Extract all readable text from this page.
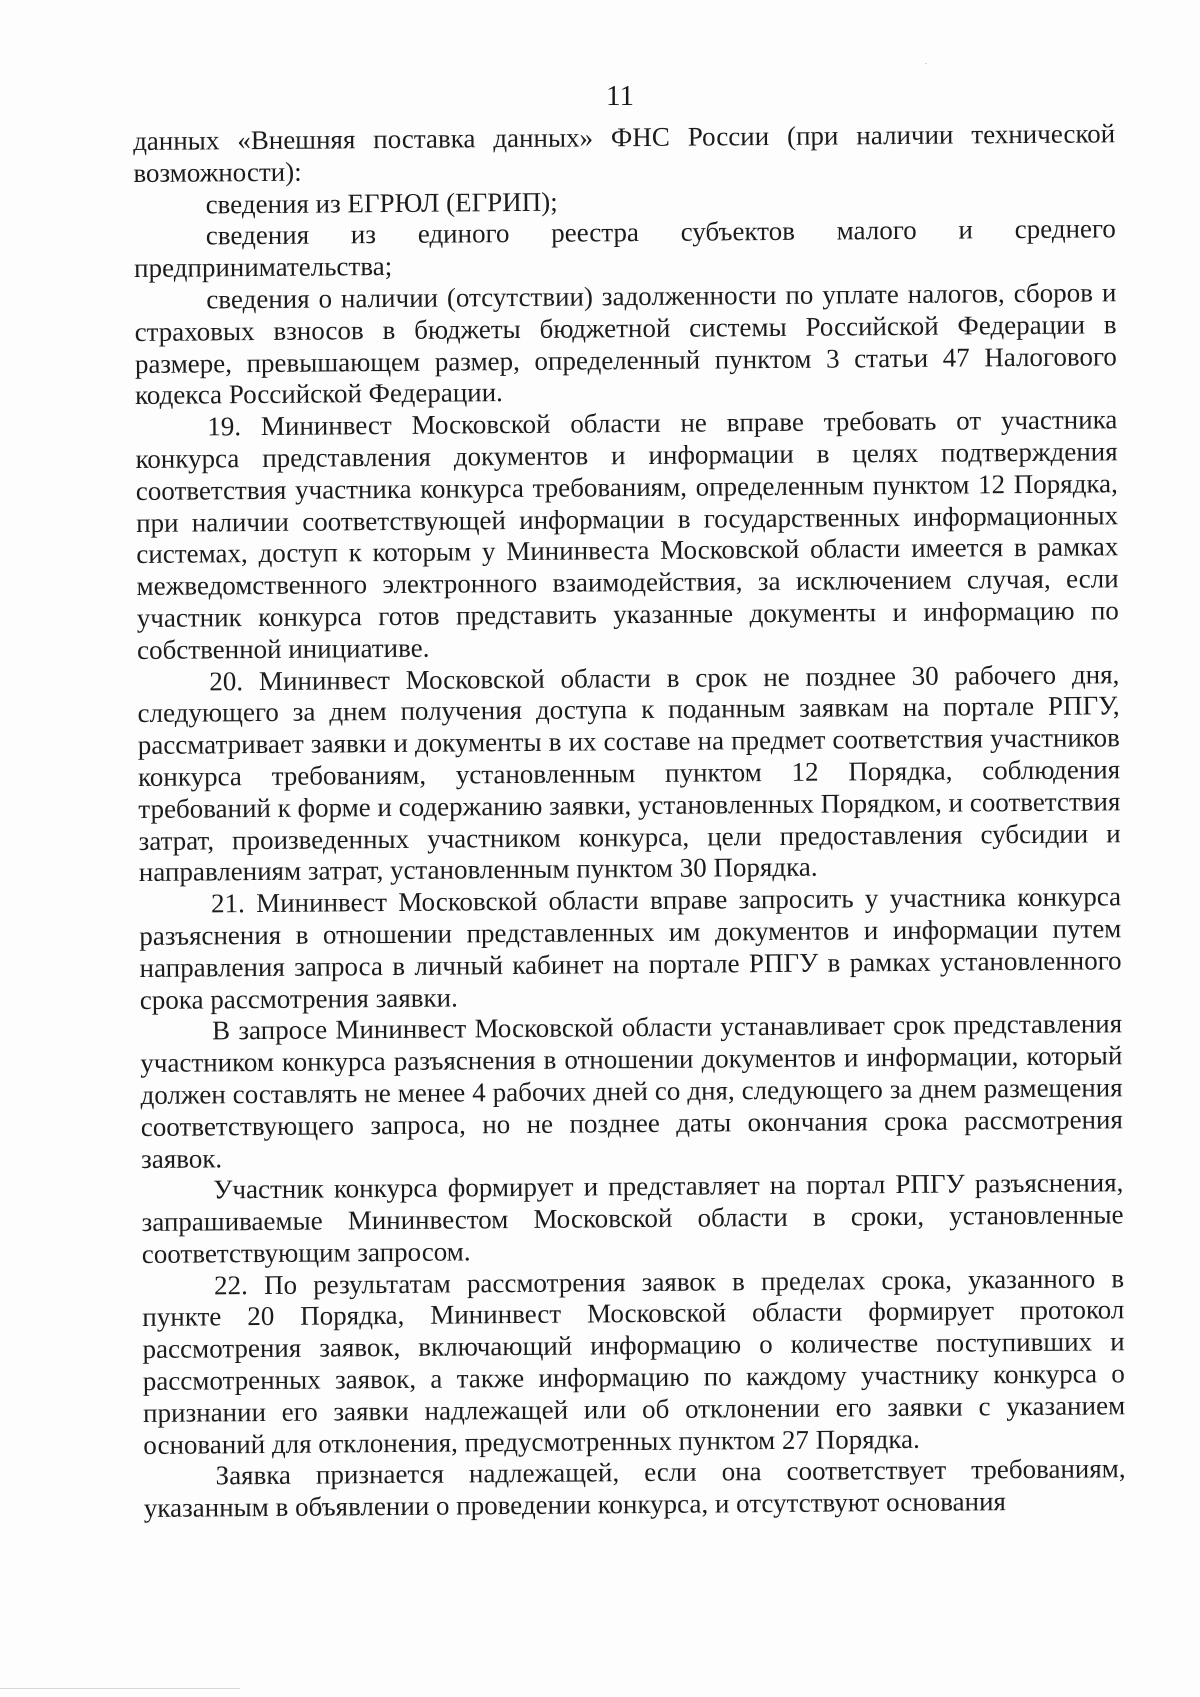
11

данных «Внешняя поставка данных» ФНС России (при наличии технической возможности):

сведения из ЕГРЮЛ (ЕГРИП);

сведения из единого реестра субъектов малого и среднего предпринимательства;

сведения о наличии (отсутствии) задолженности по уплате налогов, сборов и страховых взносов в бюджеты бюджетной системы Российской Федерации в размере, превышающем размер, определенный пунктом 3 статьи 47 Налогового кодекса Российской Федерации.

19. Мининвест Московской области не вправе требовать от участника конкурса представления документов и информации в целях подтверждения соответствия участника конкурса требованиям, определенным пунктом 12 Порядка, при наличии соответствующей информации в государственных информационных системах, доступ к которым у Мининвеста Московской области имеется в рамках межведомственного электронного взаимодействия, за исключением случая, если участник конкурса готов представить указанные документы и информацию по собственной инициативе.

20. Мининвест Московской области в срок не позднее 30 рабочего дня, следующего за днем получения доступа к поданным заявкам на портале РПГУ, рассматривает заявки и документы в их составе на предмет соответствия участников конкурса требованиям, установленным пунктом 12 Порядка, соблюдения требований к форме и содержанию заявки, установленных Порядком, и соответствия затрат, произведенных участником конкурса, цели предоставления субсидии и направлениям затрат, установленным пунктом 30 Порядка.

21. Мининвест Московской области вправе запросить у участника конкурса разъяснения в отношении представленных им документов и информации путем направления запроса в личный кабинет на портале РПГУ в рамках установленного срока рассмотрения заявки.

В запросе Мининвест Московской области устанавливает срок представления участником конкурса разъяснения в отношении документов и информации, который должен составлять не менее 4 рабочих дней со дня, следующего за днем размещения соответствующего запроса, но не позднее даты окончания срока рассмотрения заявок.

Участник конкурса формирует и представляет на портал РПГУ разъяснения, запрашиваемые Мининвестом Московской области в сроки, установленные соответствующим запросом.

22. По результатам рассмотрения заявок в пределах срока, указанного в пункте 20 Порядка, Мининвест Московской области формирует протокол рассмотрения заявок, включающий информацию о количестве поступивших и рассмотренных заявок, а также информацию по каждому участнику конкурса о признании его заявки надлежащей или об отклонении его заявки с указанием оснований для отклонения, предусмотренных пунктом 27 Порядка.

Заявка признается надлежащей, если она соответствует требованиям, указанным в объявлении о проведении конкурса, и отсутствуют основания
